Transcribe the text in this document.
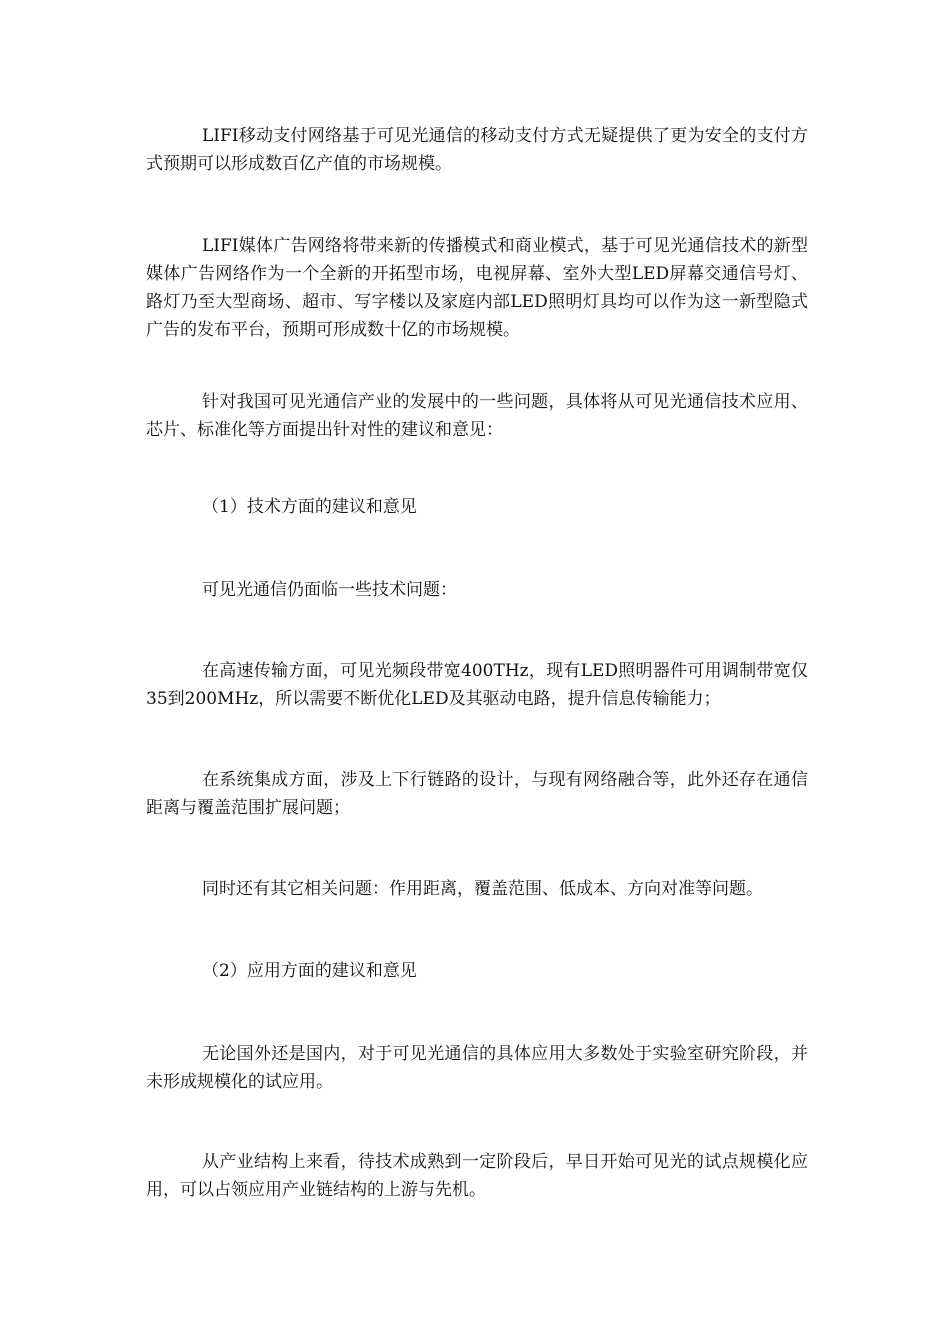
LIFI移动支付网络基于可见光通信的移动支付方式无疑提供了更为安全的支付方式预期可以形成数百亿产值的市场规模。

LIFI媒体广告网络将带来新的传播模式和商业模式，基于可见光通信技术的新型媒体广告网络作为一个全新的开拓型市场，电视屏幕、室外大型LED屏幕交通信号灯、路灯乃至大型商场、超市、写字楼以及家庭内部LED照明灯具均可以作为这一新型隐式广告的发布平台，预期可形成数十亿的市场规模。

针对我国可见光通信产业的发展中的一些问题，具体将从可见光通信技术应用、芯片、标准化等方面提出针对性的建议和意见：

（1）技术方面的建议和意见

可见光通信仍面临一些技术问题：

在高速传输方面，可见光频段带宽400THz，现有LED照明器件可用调制带宽仅35到200MHz，所以需要不断优化LED及其驱动电路，提升信息传输能力；

在系统集成方面，涉及上下行链路的设计，与现有网络融合等，此外还存在通信距离与覆盖范围扩展问题；

同时还有其它相关问题：作用距离，覆盖范围、低成本、方向对准等问题。

（2）应用方面的建议和意见

无论国外还是国内，对于可见光通信的具体应用大多数处于实验室研究阶段，并未形成规模化的试应用。

从产业结构上来看，待技术成熟到一定阶段后，早日开始可见光的试点规模化应用，可以占领应用产业链结构的上游与先机。
